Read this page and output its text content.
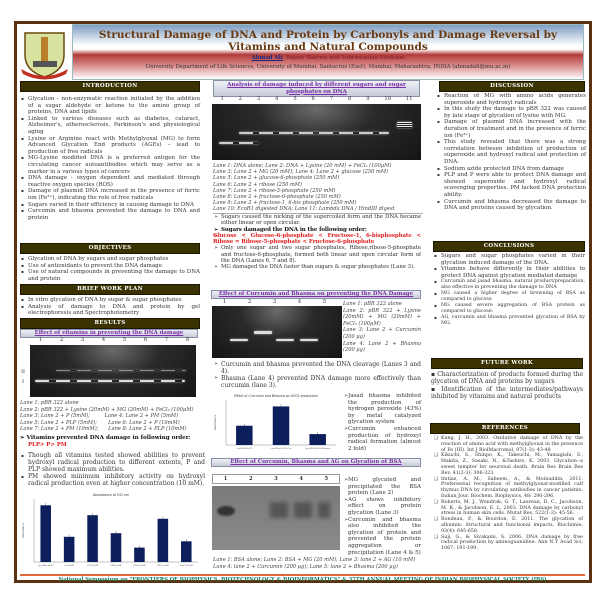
Structural Damage of DNA and Protein by Carbonyls and Damage Reversal by Vitamins and Natural Compounds
Ahmad Ali, Rajeev Sharma and Subramanian Sivakami
University Department of Life Sciences, University of Mumbai, Santacruz (East), Mumbai, Maharashtra, INDIA (ahmadali@mu.ac.in)
INTRODUCTION
▪ Glycation - non-enzymatic reaction initiated by the addition of a sugar aldehyde or ketone to the amino group of proteins, DNA and lipids
▪ Linked to various diseases such as diabetes, cataract, Alzheimer's, atherosclerosis, Parkinson's and physiological aging
▪ Lysine or Arginine react with Methylglyoxal (MG) to form Advanced Glycation End products (AGEs) – lead to production of free radicals
▪ MG-Lysine modified DNA is a preferred antigen for the circulating cancer autoantibodies which may serve as a marker in a various types of cancers
▪ DNA damage - oxygen dependent and mediated through reactive oxygen species (ROS)
▪ Damage of plasmid DNA increased in the presence of ferric ion (Fe³⁺), indicating the role of free radicals
▪ Sugars varied in their efficiency in causing damage to DNA
▪ Curcumin and bhasma prevented the damage to DNA and protein
OBJECTIVES
▪ Glycation of DNA by sugars and sugar phosphates
▪ Use of antioxidants to prevent the DNA damage
▪ Use of natural compounds in preventing the damage to DNA and protein
BRIEF WORK PLAN
▪ In vitro glycation of DNA by sugar & sugar phosphates
▪ Analysis of damage to DNA and protein by gel electrophoresis and Spectrophotometry
RESULTS
Effect of vitamins in preventing the DNA damage
1	2	3	4	5	6	7	8
II
I
Lane 1: pBR 322 alone
Lane 2: pBR 322 + Lysine (20mM) + MG (20mM) + FeCl₃ (100μM)
Lane 3: Lane 2 + P (5mM);         Lane 4: Lane 2 + PM (5mM)
Lane 5: Lane 2 + PLP (5mM);       Lane 6: Lane 2 + P (10mM)
Lane 7: Lane 2 + PM (10mM);      Lane 8: Lane 2 + PLP (10mM)
➢ Vitamins prevented DNA damage in following order:
PLP> P> PM
▪ Though all vitamins tested showed abilities to prevent hydroxyl radical production to different extents, P and PLP showed maximum abilities.
▪ PM showed minimum inhibitory activity on hydroxyl radical production even at higher concentration (10 mM).
Absorbance at 532 nm
Absorbance
Lys+MG+FeCl3	+P (5mM)	+P (10mM)	+PM (5mM)	+PM (10mM)	+PLP (5mM)	+PLP (10mM)
Analysis of damage induced by different sugars and sugar phosphates on DNA
1	2	3	4	5	6	7	8	9	10	11
Lane 1: DNA alone; Lane 2: DNA + Lysine (20 mM) + FeCl₃ (100μM)
Lane 3: Lane 2 + MG (20 mM); Lane 4: Lane 2 + glucose (250 mM)
Lane 5: Lane 2 + glucose-6-phosphate (250 mM)
Lane 6: Lane 2 + ribose (250 mM)
Lane 7: Lane 2 + ribose-5-phosphate (250 mM)
Lane 8: Lane 2 + fructose-6-phosphate (250 mM)
Lane 9: Lane 2 + fructose-1, 6-bis phosphate (250 mM)
Lane 10: EcoR1 digested DNA; Lane 11: Lambda DNA / HindIII digest
➢ Sugars caused the nicking of the supercoiled form and the DNA became either linear or open circular.
➢ Sugars damaged the DNA in the following order:
➢ Glucose < Glucose-6-phosphate < Fructose-1, 6-bisphosphate < Ribose = Ribose-5-phosphate < Fructose-6-phosphate
➢ Only one sugar and two sugar phosphates, Ribose,ribose-5-phosphate and fructose-6-phosphate, formed both linear and open circular form of the DNA (Lanes 6, 7 and 8).
➢ MG damaged the DNA faster than sugars & sugar phosphates (Lane 3).
Effect of Curcumin and Bhasma on preventing the DNA Damage
1	2	3	4	5	Lane 1: pBR 322 alone
Lane 2: pBR 322 + Lysine (20mM) + MG (20mM) + FeCl₃ (100μM)
Lane 3: Lane 2 + Curcumin (200 μg)
Lane 4: Lane 2 + Bhasma (200 μg)
➢ Curcumin and bhasma prevented the DNA cleavage (Lanes 3 and 4).
➢ Bhasma (Lane 4) prevented DNA damage more effectively than curcumin (lane 3).
Effect of Curcumin and Bhasma on H2O2 production
Absorbance
Lys+MG+FeCl3	Lys+MG+FeCl3+Cur	Lys+MG+FeCl3+Bhasma
➢ Jasad bhasma inhibited the production of hydrogen peroxide (43%) by metal catalyzed glycation system
➢ Curcumin enhanced production of hydroxyl radical formation (almost 2 fold)
Effect of Curcumin, Bhasma and AG on Glycation of BSA
1	2	3	4	5	➢ MG glycated and precipitated the BSA protein (Lane 2)
➢ AG shows inhibitory effect on protein glycation (Lane 3)
➢ Curcumin and bhasma also inhibited the glycation of protein and prevented the protein aggregation or precipitation (Lane 4 & 5)
Lane 1: BSA alone; Lane 2: BSA + MG (20 mM); Lane 3: lane 2 + AG (10 mM)
Lane 4: lane 2 + Curcumin (200 μg); Lane 5: lane 2 + Bhasma (200 μg)
DISCUSSION
▪ Reaction of MG with amino acids generates superoxide and hydroxyl radicals
▪ In this study the damage to pBR 322 was caused by late stage of glycation of lysine with MG.
▪ Damage of plasmid DNA increased with the duration of treatment and in the presence of ferric ion (Fe³⁺)
▪ This study revealed that there was a strong correlation between inhibition of production of superoxide and hydroxyl radical and protection of DNA.
▪ Sodium azide protected DNA from damage
▪ PLP and P were able to protect DNA damage and showed superoxide and hydroxyl radical scavenging properties. PM lacked DNA protection ability.
▪ Curcumin and bhasma decreased the damage to DNA and proteins caused by glycation.
CONCLUSIONS
▪ Sugars and sugar phosphates varied in their glycation induced damage of the DNA.
▪ Vitamins behave differently in their abilities to protect DNA against glycation mediated damage
▪ Curcumin and jasad bhasma, natural product/preparation, also effective in preventing the damage to DNA
▪ MG caused a higher degree of browning of BSA as compared to glucose
▪ MG caused severe aggregation of BSA protein as compared to glucose.
▪ AG, curcumin and bhasma prevented glycation of BSA by MG.
FUTURE WORK
▪ Characterization of products formed during the glycation of DNA and proteins by sugars
▪ Identification of the intermediates/pathways inhibited by vitamins and natural products
REFERENCES
❑ Kang, J. H., 2003. Oxidative damage of DNA by the reaction of amino acid with methylglyoxal in the presence of Fe (III). Int J BiolMacromol, 97(1-3): 43-48
❑ Kikuchi, S., Shinpo, K., Takeuchi, M., Yamagishi, S., Makita, Z., Sasaki, N., &Tashiro, K. 2003. Glycation--a sweet tempter for neuronal death. Brain Res Brain Res Rev, 41(2-3): 306-323.
❑ Imtiaz, A. M., Saheem, A., & Moinuddin. 2011. Preferential recognition of methylglyoxal-modified calf thymus DNA by circulating antibodies in cancer patients. Indian Jour. Biochem. Biophysics, 48: 290-296.
❑ Roberts, M. J., Wondrak, G. T., Laurean, D. C., Jacobson, M. K., & Jacobson, E. L. 2003. DNA damage by carbonyl stress in human skin cells. Mutat Res, 522(1-2): 45-56.
❑ Rondeau, P., & Bourdon, E. 2011. The glycation of albumin: Structural and functional impacts. Biochimie, 93(4): 645-658.
❑ Suji, G., & Sivakami, S. 2006. DNA damage by free radical production by aminoguanidine. Ann N Y Acad Sci, 1067: 191-199.
National Symposium on "FRONTIERS OF BIOPHYSICS, BIOTECHNOLOGY & BIOINFORMATICS" & 37TH ANNUAL MEETING OF INDIAN BIOPHYSICAL SOCIETY (IBS)
